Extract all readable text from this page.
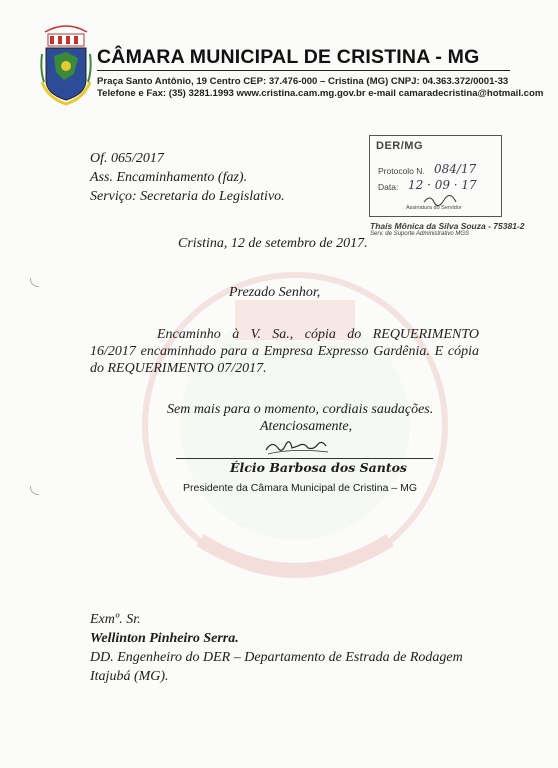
CÂMARA MUNICIPAL DE CRISTINA - MG
Praça Santo Antônio, 19 Centro CEP: 37.476-000 – Cristina (MG) CNPJ: 04.363.372/0001-33
Telefone e Fax: (35) 3281.1993 www.cristina.cam.mg.gov.br e-mail camaradecristina@hotmail.com
Of. 065/2017
Ass. Encaminhamento (faz).
Serviço: Secretaria do Legislativo.
DER/MG
Protocolo N. 084/17
Data: 12 · 09 · 17
Assinatura do Servidor
Thaís Mônica da Silva Souza - 75381-2
Serv. de Suporte Administrativo MGS
Cristina, 12 de setembro de 2017.
Prezado Senhor,
Encaminho à V. Sa., cópia do REQUERIMENTO 16/2017 encaminhado para a Empresa Expresso Gardênia. E cópia do REQUERIMENTO 07/2017.
Sem mais para o momento, cordiais saudações.
Atenciosamente,
Élcio Barbosa dos Santos
Presidente da Câmara Municipal de Cristina – MG
Exmº. Sr.
Wellinton Pinheiro Serra.
DD. Engenheiro do DER – Departamento de Estrada de Rodagem
Itajubá (MG).
